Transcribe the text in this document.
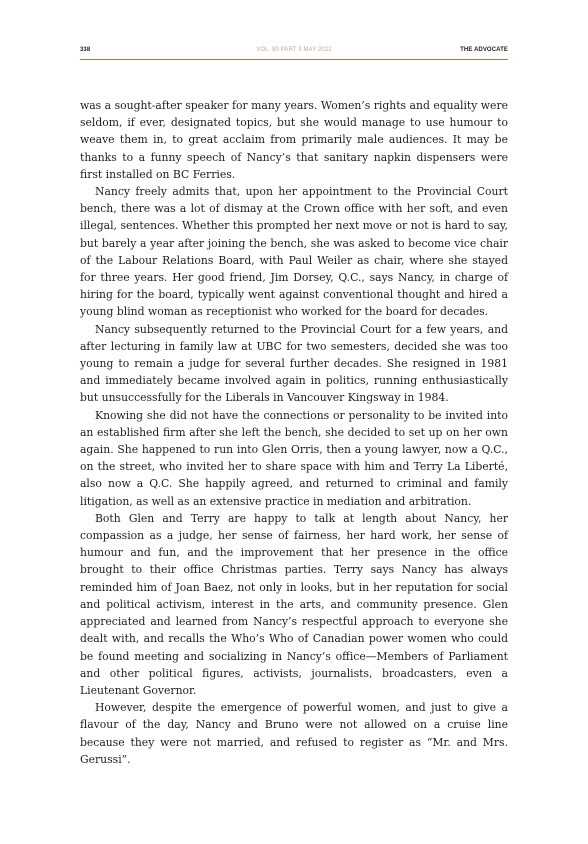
338	VOL. 80 PART 3 MAY 2022	THE ADVOCATE

was a sought-after speaker for many years. Women’s rights and equality were seldom, if ever, designated topics, but she would manage to use humour to weave them in, to great acclaim from primarily male audiences. It may be thanks to a funny speech of Nancy’s that sanitary napkin dispensers were first installed on BC Ferries.

Nancy freely admits that, upon her appointment to the Provincial Court bench, there was a lot of dismay at the Crown office with her soft, and even illegal, sentences. Whether this prompted her next move or not is hard to say, but barely a year after joining the bench, she was asked to become vice chair of the Labour Relations Board, with Paul Weiler as chair, where she stayed for three years. Her good friend, Jim Dorsey, Q.C., says Nancy, in charge of hiring for the board, typically went against conventional thought and hired a young blind woman as receptionist who worked for the board for decades.

Nancy subsequently returned to the Provincial Court for a few years, and after lecturing in family law at UBC for two semesters, decided she was too young to remain a judge for several further decades. She resigned in 1981 and immediately became involved again in politics, running enthusiastically but unsuccessfully for the Liberals in Vancouver Kingsway in 1984.

Knowing she did not have the connections or personality to be invited into an established firm after she left the bench, she decided to set up on her own again. She happened to run into Glen Orris, then a young lawyer, now a Q.C., on the street, who invited her to share space with him and Terry La Liberté, also now a Q.C. She happily agreed, and returned to criminal and family litigation, as well as an extensive practice in mediation and arbitration.

Both Glen and Terry are happy to talk at length about Nancy, her compassion as a judge, her sense of fairness, her hard work, her sense of humour and fun, and the improvement that her presence in the office brought to their office Christmas parties. Terry says Nancy has always reminded him of Joan Baez, not only in looks, but in her reputation for social and political activism, interest in the arts, and community presence. Glen appreciated and learned from Nancy’s respectful approach to everyone she dealt with, and recalls the Who’s Who of Canadian power women who could be found meeting and socializing in Nancy’s office—Members of Parliament and other political figures, activists, journalists, broadcasters, even a Lieutenant Governor.

However, despite the emergence of powerful women, and just to give a flavour of the day, Nancy and Bruno were not allowed on a cruise line because they were not married, and refused to register as “Mr. and Mrs. Gerussi”.
